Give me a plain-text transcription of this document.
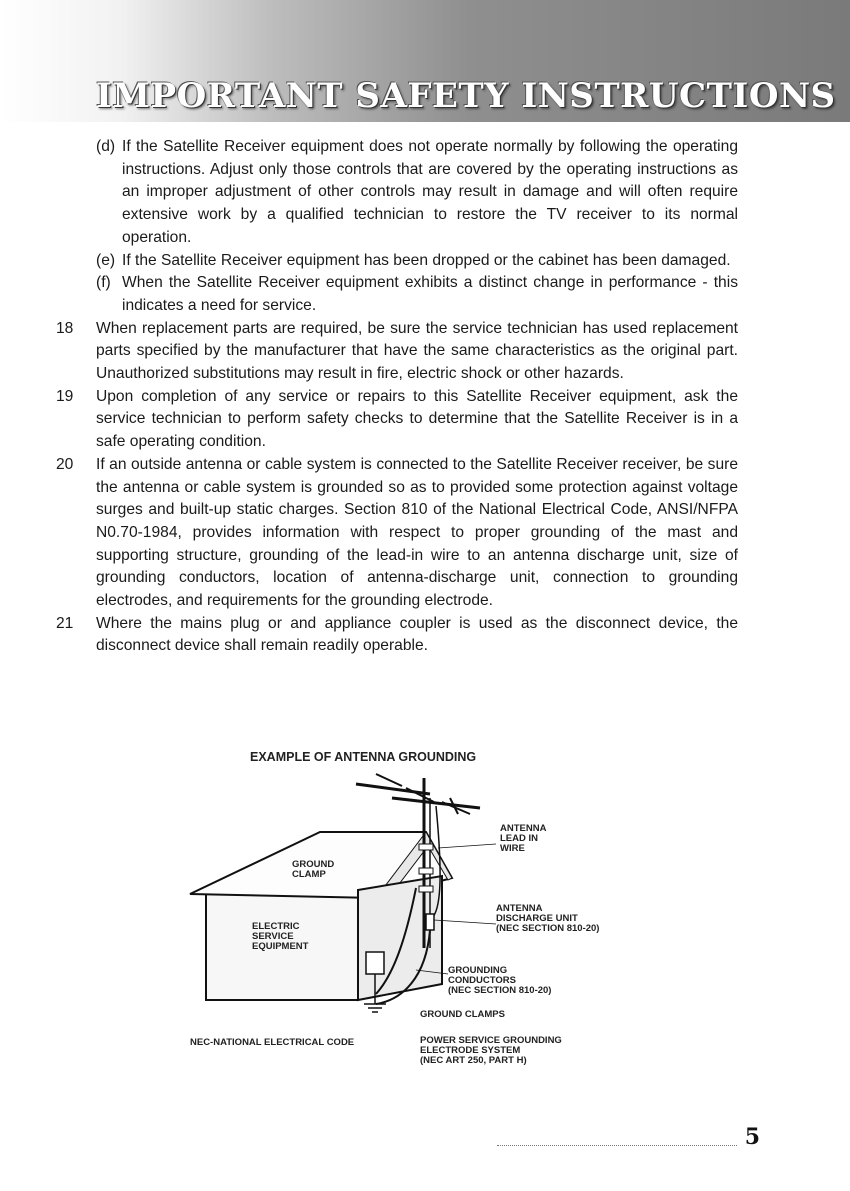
IMPORTANT SAFETY INSTRUCTIONS

(d) If the Satellite Receiver equipment does not operate normally by following the operating instructions. Adjust only those controls that are covered by the operating instructions as an improper adjustment of other controls may result in damage and will often require extensive work by a qualified technician to restore the TV receiver to its normal operation.

(e) If the Satellite Receiver equipment has been dropped or the cabinet has been damaged.

(f) When the Satellite Receiver equipment exhibits a distinct change in performance - this indicates a need for service.

18 When replacement parts are required, be sure the service technician has used replacement parts specified by the manufacturer that have the same characteristics as the original part. Unauthorized substitutions may result in fire, electric shock or other hazards.

19 Upon completion of any service or repairs to this Satellite Receiver equipment, ask the service technician to perform safety checks to determine that the Satellite Receiver is in a safe operating condition.

20 If an outside antenna or cable system is connected to the Satellite Receiver receiver, be sure the antenna or cable system is grounded so as to provided some protection against voltage surges and built-up static charges. Section 810 of the National Electrical Code, ANSI/NFPA N0.70-1984, provides information with respect to proper grounding of the mast and supporting structure, grounding of the lead-in wire to an antenna discharge unit, size of grounding conductors, location of antenna-discharge unit, connection to grounding electrodes, and requirements for the grounding electrode.

21 Where the mains plug or and appliance coupler is used as the disconnect device, the disconnect device shall remain readily operable.

EXAMPLE OF ANTENNA GROUNDING
ANTENNA
LEAD IN
WIRE
GROUND
CLAMP
ANTENNA
DISCHARGE UNIT
(NEC SECTION 810-20)
ELECTRIC
SERVICE
EQUIPMENT
GROUNDING
CONDUCTORS
(NEC SECTION 810-20)
GROUND CLAMPS
NEC-NATIONAL ELECTRICAL CODE	POWER SERVICE GROUNDING
ELECTRODE SYSTEM
(NEC ART 250, PART H)
5
